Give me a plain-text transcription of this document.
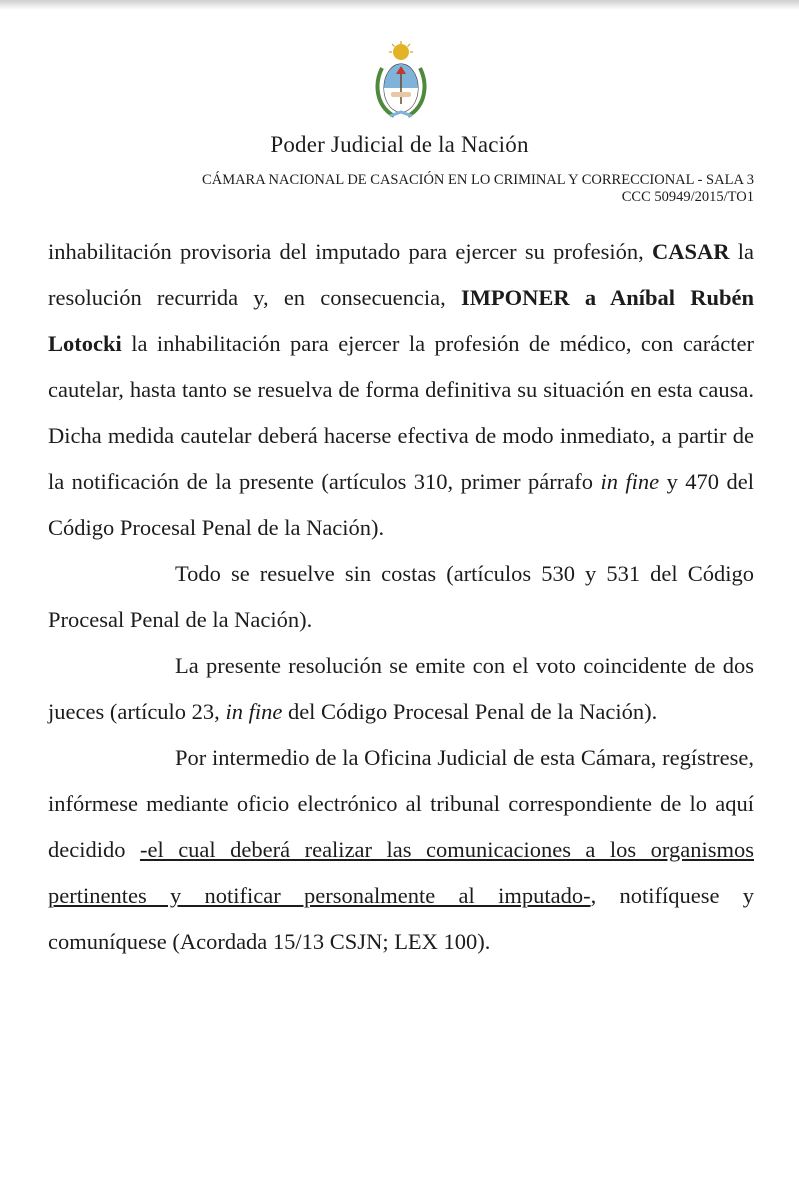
Poder Judicial de la Nación
CÁMARA NACIONAL DE CASACIÓN EN LO CRIMINAL Y CORRECCIONAL - SALA 3
CCC 50949/2015/TO1

inhabilitación provisoria del imputado para ejercer su profesión, CASAR la resolución recurrida y, en consecuencia, IMPONER a Aníbal Rubén Lotocki la inhabilitación para ejercer la profesión de médico, con carácter cautelar, hasta tanto se resuelva de forma definitiva su situación en esta causa. Dicha medida cautelar deberá hacerse efectiva de modo inmediato, a partir de la notificación de la presente (artículos 310, primer párrafo in fine y 470 del Código Procesal Penal de la Nación).

Todo se resuelve sin costas (artículos 530 y 531 del Código Procesal Penal de la Nación).

La presente resolución se emite con el voto coincidente de dos jueces (artículo 23, in fine del Código Procesal Penal de la Nación).

Por intermedio de la Oficina Judicial de esta Cámara, regístrese, infórmese mediante oficio electrónico al tribunal correspondiente de lo aquí decidido -el cual deberá realizar las comunicaciones a los organismos pertinentes y notificar personalmente al imputado-, notifíquese y comuníquese (Acordada 15/13 CSJN; LEX 100).
